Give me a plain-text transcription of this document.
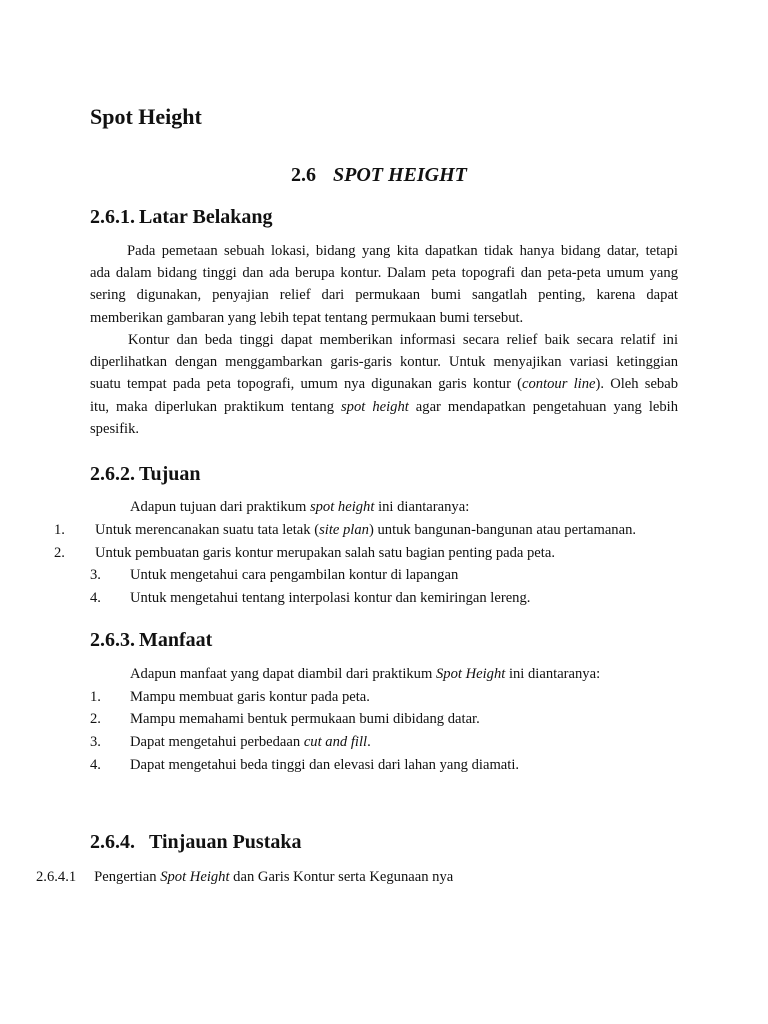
Spot Height
2.6 SPOT HEIGHT
2.6.1. Latar Belakang
Pada pemetaan sebuah lokasi, bidang yang kita dapatkan tidak hanya bidang datar, tetapi
ada dalam bidang tinggi dan ada berupa kontur. Dalam peta topografi dan peta-peta umum yang
sering digunakan, penyajian relief dari permukaan bumi sangatlah penting, karena dapat
memberikan gambaran yang lebih tepat tentang permukaan bumi tersebut.
Kontur dan beda tinggi dapat memberikan informasi secara relief baik secara relatif ini
diperlihatkan dengan menggambarkan garis-garis kontur. Untuk menyajikan variasi ketinggian
suatu tempat pada peta topografi, umum nya digunakan garis kontur (contour line). Oleh sebab
itu, maka diperlukan praktikum tentang spot height agar mendapatkan pengetahuan yang lebih
spesifik.
2.6.2. Tujuan
Adapun tujuan dari praktikum spot height ini diantaranya:
1. Untuk merencanakan suatu tata letak (site plan) untuk bangunan-bangunan atau pertamanan.
2. Untuk pembuatan garis kontur merupakan salah satu bagian penting pada peta.
3. Untuk mengetahui cara pengambilan kontur di lapangan
4. Untuk mengetahui tentang interpolasi kontur dan kemiringan lereng.
2.6.3. Manfaat
Adapun manfaat yang dapat diambil dari praktikum Spot Height ini diantaranya:
1. Mampu membuat garis kontur pada peta.
2. Mampu memahami bentuk permukaan bumi dibidang datar.
3. Dapat mengetahui perbedaan cut and fill.
4. Dapat mengetahui beda tinggi dan elevasi dari lahan yang diamati.
2.6.4. Tinjauan Pustaka
2.6.4.1 Pengertian Spot Height dan Garis Kontur serta Kegunaan nya
